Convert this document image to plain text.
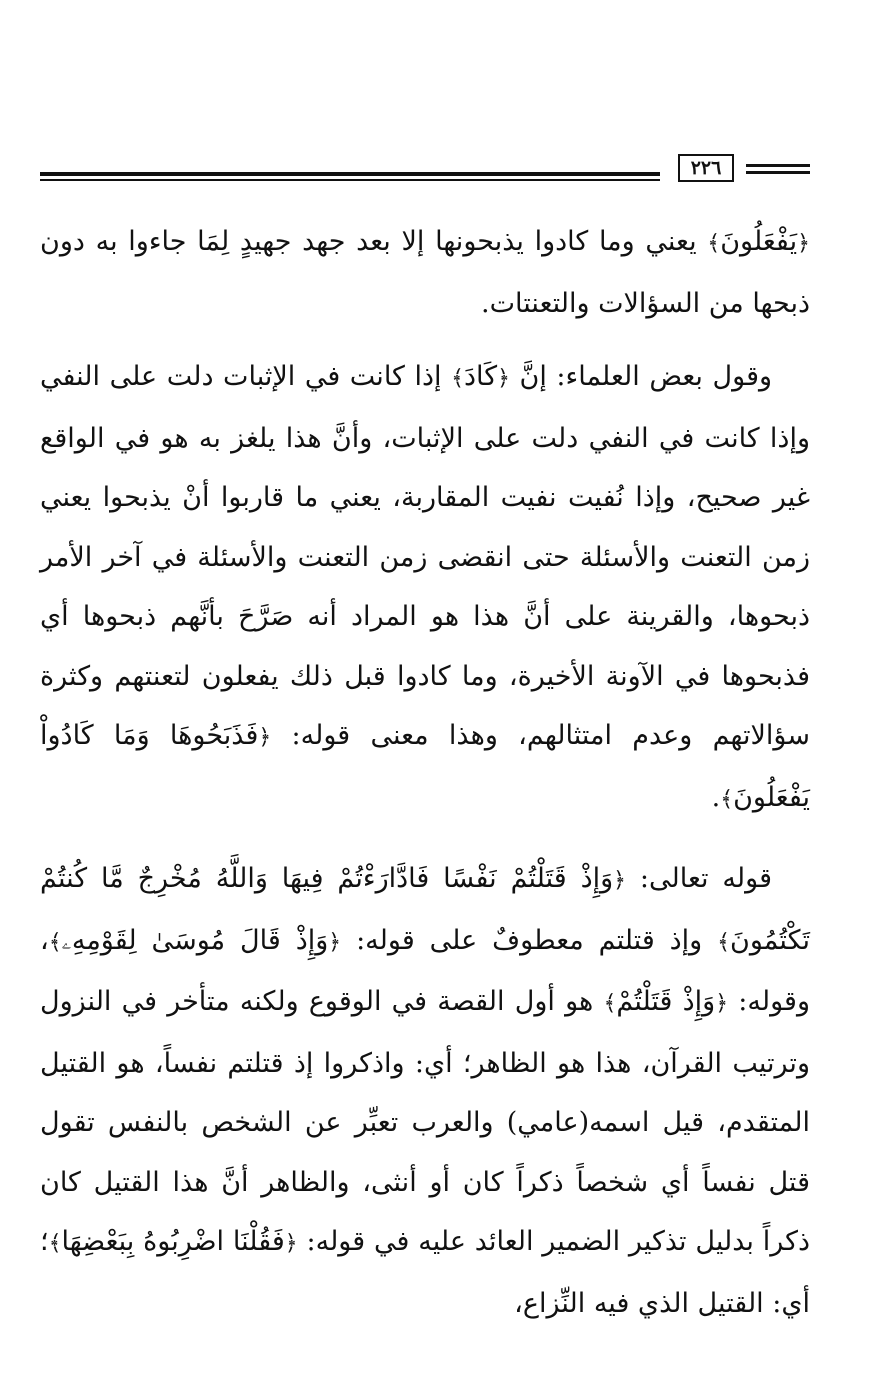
٢٢٦

﴿يَفْعَلُونَ﴾ يعني وما كادوا يذبحونها إلا بعد جهد جهيدٍ لِمَا جاءوا به دون ذبحها من السؤالات والتعنتات.

وقول بعض العلماء: إنَّ ﴿كَادَ﴾ إذا كانت في الإثبات دلت على النفي وإذا كانت في النفي دلت على الإثبات، وأنَّ هذا يلغز به هو في الواقع غير صحيح، وإذا نُفيت نفيت المقاربة، يعني ما قاربوا أنْ يذبحوا يعني زمن التعنت والأسئلة حتى انقضى زمن التعنت والأسئلة في آخر الأمر ذبحوها، والقرينة على أنَّ هذا هو المراد أنه صَرَّحَ بأنَّهم ذبحوها أي فذبحوها في الآونة الأخيرة، وما كادوا قبل ذلك يفعلون لتعنتهم وكثرة سؤالاتهم وعدم امتثالهم، وهذا معنى قوله: ﴿فَذَبَحُوهَا وَمَا كَادُواْ يَفْعَلُونَ﴾.

قوله تعالى: ﴿وَإِذْ قَتَلْتُمْ نَفْسًا فَادَّارَءْتُمْ فِيهَا وَاللَّهُ مُخْرِجٌ مَّا كُنتُمْ تَكْتُمُونَ﴾ وإذ قتلتم معطوفٌ على قوله: ﴿وَإِذْ قَالَ مُوسَىٰ لِقَوْمِهِۦ﴾، وقوله: ﴿وَإِذْ قَتَلْتُمْ﴾ هو أول القصة في الوقوع ولكنه متأخر في النزول وترتيب القرآن، هذا هو الظاهر؛ أي: واذكروا إذ قتلتم نفساً، هو القتيل المتقدم، قيل اسمه(عامي) والعرب تعبِّر عن الشخص بالنفس تقول قتل نفساً أي شخصاً ذكراً كان أو أنثى، والظاهر أنَّ هذا القتيل كان ذكراً بدليل تذكير الضمير العائد عليه في قوله: ﴿فَقُلْنَا اضْرِبُوهُ بِبَعْضِهَا﴾؛ أي: القتيل الذي فيه النِّزاع،
